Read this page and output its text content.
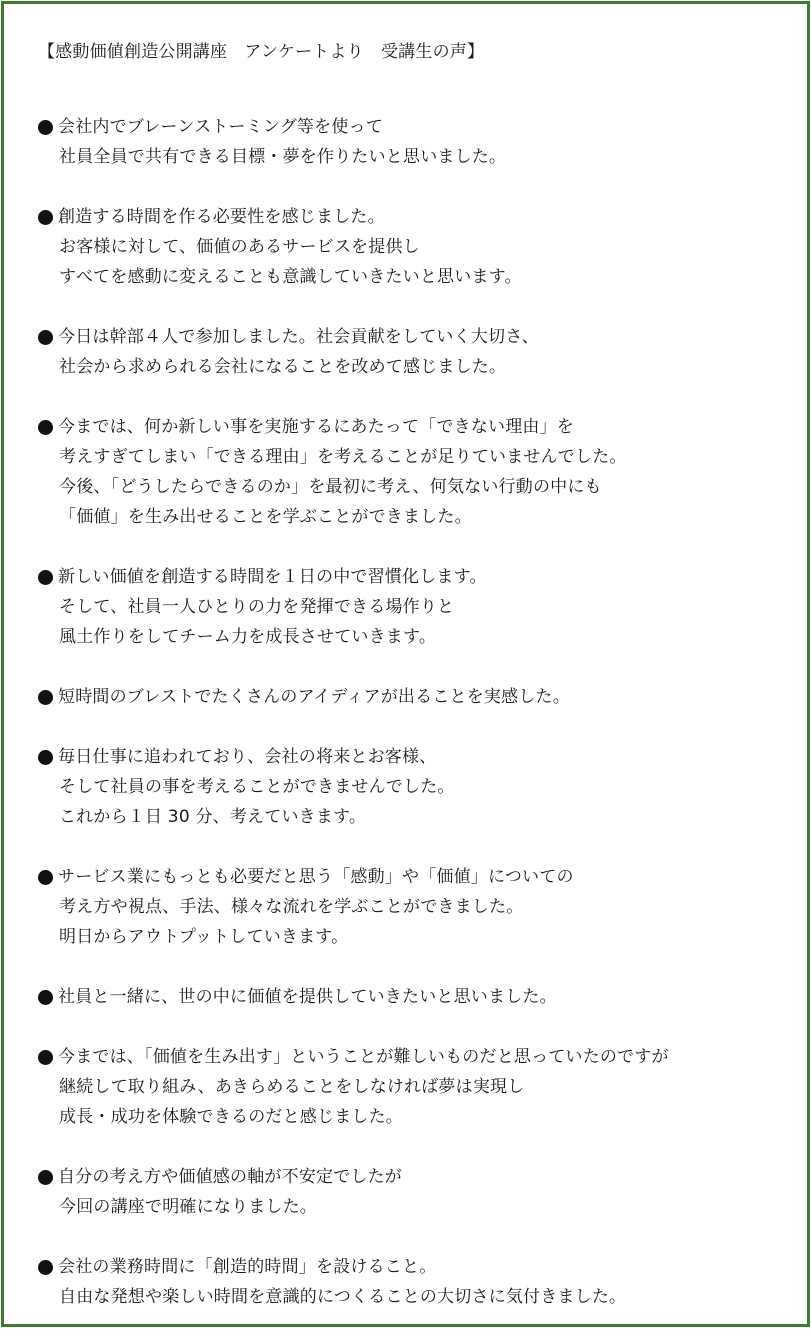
【感動価値創造公開講座　アンケートより　受講生の声】
会社内でブレーンストーミング等を使って
社員全員で共有できる目標・夢を作りたいと思いました。
創造する時間を作る必要性を感じました。
お客様に対して、価値のあるサービスを提供し
すべてを感動に変えることも意識していきたいと思います。
今日は幹部４人で参加しました。社会貢献をしていく大切さ、
社会から求められる会社になることを改めて感じました。
今までは、何か新しい事を実施するにあたって「できない理由」を
考えすぎてしまい「できる理由」を考えることが足りていませんでした。
今後、「どうしたらできるのか」を最初に考え、何気ない行動の中にも
「価値」を生み出せることを学ぶことができました。
新しい価値を創造する時間を１日の中で習慣化します。
そして、社員一人ひとりの力を発揮できる場作りと
風土作りをしてチーム力を成長させていきます。
短時間のブレストでたくさんのアイディアが出ることを実感した。
毎日仕事に追われており、会社の将来とお客様、
そして社員の事を考えることができませんでした。
これから１日 30 分、考えていきます。
サービス業にもっとも必要だと思う「感動」や「価値」についての
考え方や視点、手法、様々な流れを学ぶことができました。
明日からアウトプットしていきます。
社員と一緒に、世の中に価値を提供していきたいと思いました。
今までは、「価値を生み出す」ということが難しいものだと思っていたのですが
継続して取り組み、あきらめることをしなければ夢は実現し
成長・成功を体験できるのだと感じました。
自分の考え方や価値感の軸が不安定でしたが
今回の講座で明確になりました。
会社の業務時間に「創造的時間」を設けること。
自由な発想や楽しい時間を意識的につくることの大切さに気付きました。
